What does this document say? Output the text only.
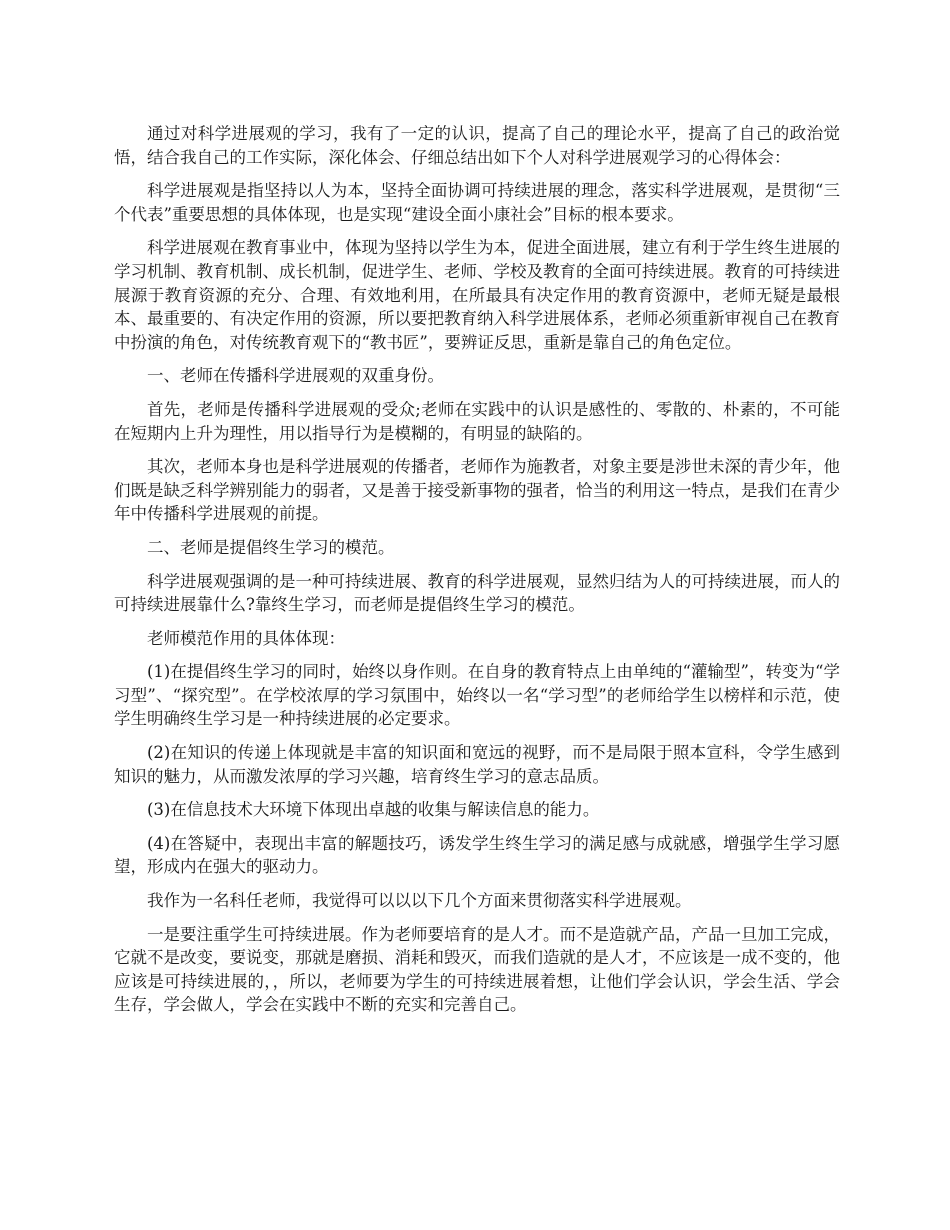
通过对科学进展观的学习，我有了一定的认识，提高了自己的理论水平，提高了自己的政治觉悟，结合我自己的工作实际，深化体会、仔细总结出如下个人对科学进展观学习的心得体会：

科学进展观是指坚持以人为本，坚持全面协调可持续进展的理念，落实科学进展观，是贯彻“三个代表”重要思想的具体体现，也是实现“建设全面小康社会”目标的根本要求。

科学进展观在教育事业中，体现为坚持以学生为本，促进全面进展，建立有利于学生终生进展的学习机制、教育机制、成长机制，促进学生、老师、学校及教育的全面可持续进展。教育的可持续进展源于教育资源的充分、合理、有效地利用，在所最具有决定作用的教育资源中，老师无疑是最根本、最重要的、有决定作用的资源，所以要把教育纳入科学进展体系，老师必须重新审视自己在教育中扮演的角色，对传统教育观下的“教书匠”，要辨证反思，重新是靠自己的角色定位。

一、老师在传播科学进展观的双重身份。

首先，老师是传播科学进展观的受众;老师在实践中的认识是感性的、零散的、朴素的，不可能在短期内上升为理性，用以指导行为是模糊的，有明显的缺陷的。

其次，老师本身也是科学进展观的传播者，老师作为施教者，对象主要是涉世未深的青少年，他们既是缺乏科学辨别能力的弱者，又是善于接受新事物的强者，恰当的利用这一特点，是我们在青少年中传播科学进展观的前提。

二、老师是提倡终生学习的模范。

科学进展观强调的是一种可持续进展、教育的科学进展观，显然归结为人的可持续进展，而人的可持续进展靠什么?靠终生学习，而老师是提倡终生学习的模范。

老师模范作用的具体体现：

(1)在提倡终生学习的同时，始终以身作则。在自身的教育特点上由单纯的“灌输型”，转变为“学习型”、“探究型”。在学校浓厚的学习氛围中，始终以一名“学习型”的老师给学生以榜样和示范，使学生明确终生学习是一种持续进展的必定要求。

(2)在知识的传递上体现就是丰富的知识面和宽远的视野，而不是局限于照本宣科，令学生感到知识的魅力，从而激发浓厚的学习兴趣，培育终生学习的意志品质。

(3)在信息技术大环境下体现出卓越的收集与解读信息的能力。

(4)在答疑中，表现出丰富的解题技巧，诱发学生终生学习的满足感与成就感，增强学生学习愿望，形成内在强大的驱动力。

我作为一名科任老师，我觉得可以以以下几个方面来贯彻落实科学进展观。

一是要注重学生可持续进展。作为老师要培育的是人才。而不是造就产品，产品一旦加工完成，它就不是改变，要说变，那就是磨损、消耗和毁灭，而我们造就的是人才，不应该是一成不变的，他应该是可持续进展的，，所以，老师要为学生的可持续进展着想，让他们学会认识，学会生活、学会生存，学会做人，学会在实践中不断的充实和完善自己。
